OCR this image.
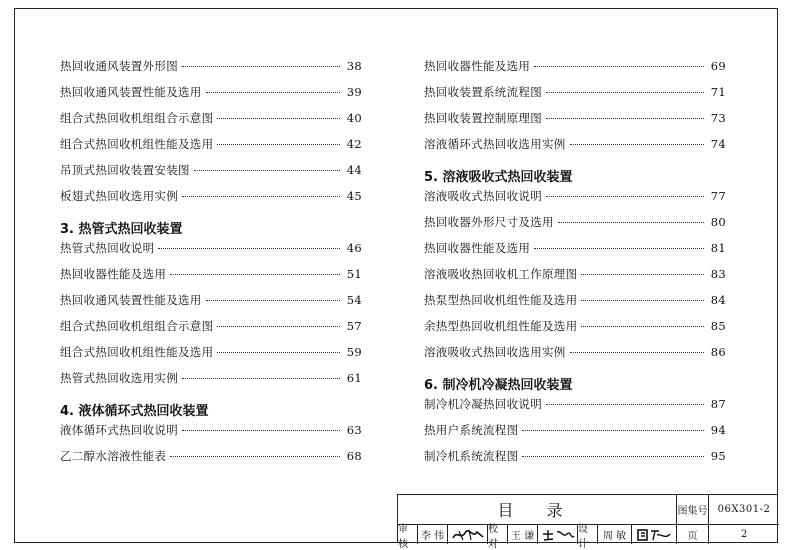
热回收通风装置外形图	38
热回收通风装置性能及选用	39
组合式热回收机组组合示意图	40
组合式热回收机组性能及选用	42
吊顶式热回收装置安装图	44
板翅式热回收选用实例	45
3. 热管式热回收装置
热管式热回收说明	46
热回收器性能及选用	51
热回收通风装置性能及选用	54
组合式热回收机组组合示意图	57
组合式热回收机组性能及选用	59
热管式热回收选用实例	61
4. 液体循环式热回收装置
液体循环式热回收说明	63
乙二醇水溶液性能表	68
热回收器性能及选用	69
热回收装置系统流程图	71
热回收装置控制原理图	73
溶液循环式热回收选用实例	74
5. 溶液吸收式热回收装置
溶液吸收式热回收说明	77
热回收器外形尺寸及选用	80
热回收器性能及选用	81
溶液吸收热回收机工作原理图	83
热泵型热回收机组性能及选用	84
余热型热回收机组性能及选用	85
溶液吸收式热回收选用实例	86
6. 制冷机冷凝热回收装置
制冷机冷凝热回收说明	87
热用户系统流程图	94
制冷机系统流程图	95
目 录	图集号	06X301-2
页	2
审核
李 伟
校对
王 谦
设计
周 敏
